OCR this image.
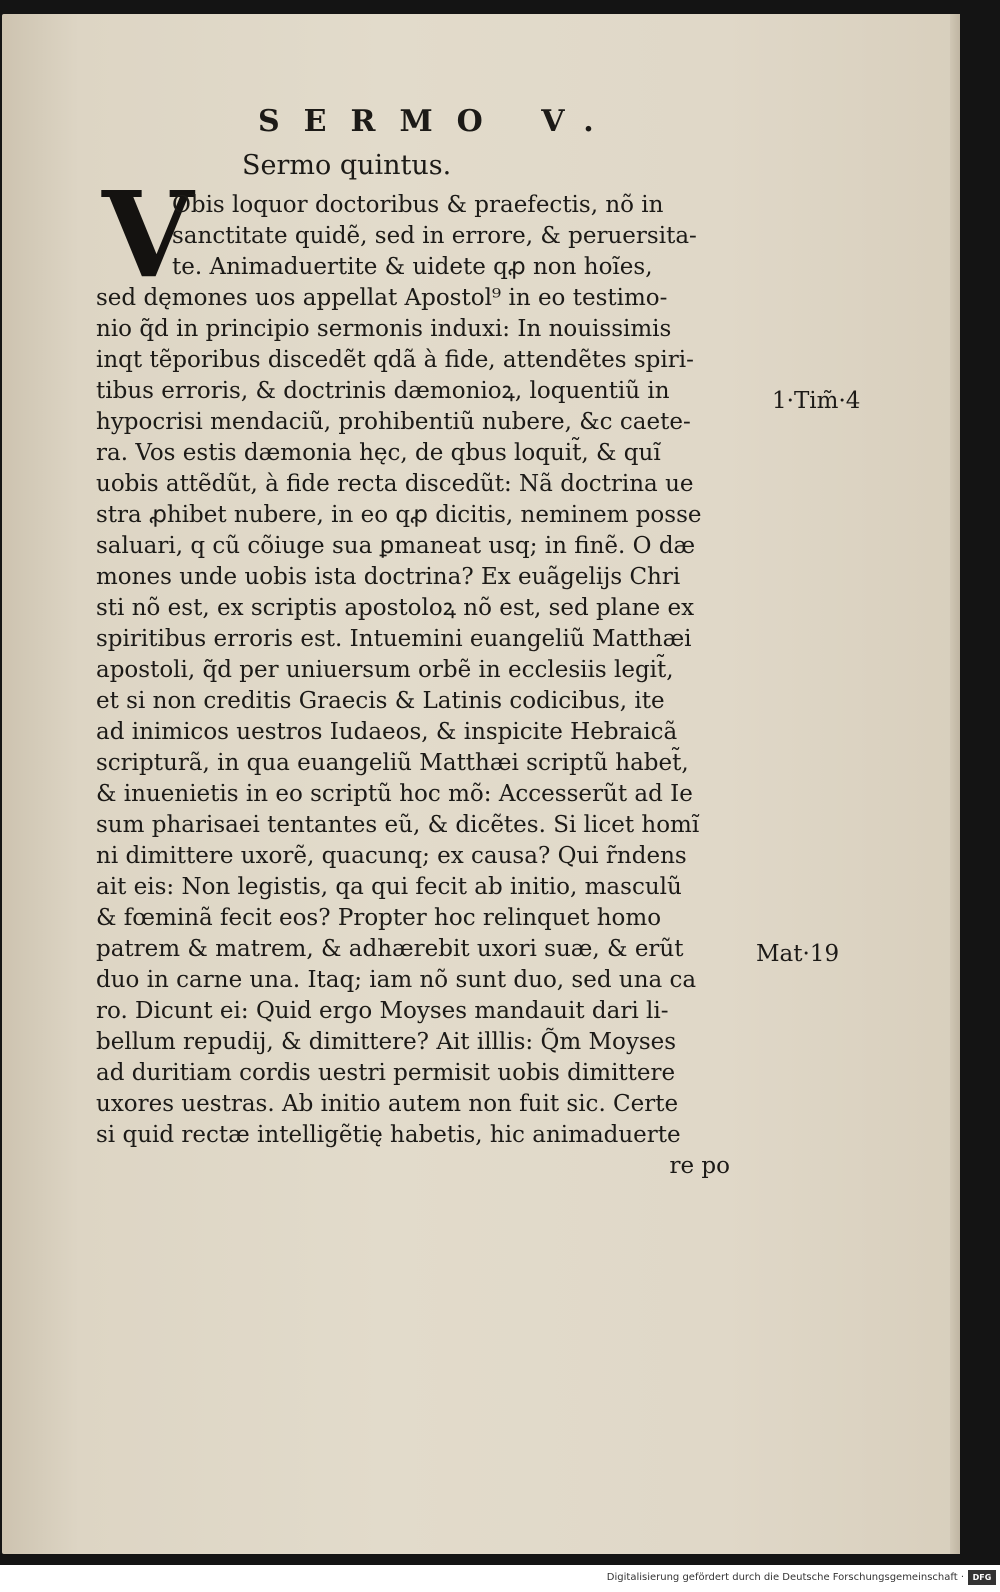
SERMO V.
Sermo quintus.
V
Obis loquor doctoribus & praefectis, nõ in
sanctitate quidẽ, sed in errore, & peruersita-
te. Animaduertite & uidete qꝓ non hoĩes,
sed dęmones uos appellat Apostol⁹ in eo testimo-
nio q̃d in principio sermonis induxi: In nouissimis
inqt tẽporibus discedẽt qdã à fide, attendẽtes spiri-
tibus erroris, & doctrinis dæmonioꝝ, loquentiũ in
hypocrisi mendaciũ, prohibentiũ nubere, &c caete-
ra. Vos estis dæmonia hęc, de qbus loquit̃, & quĩ
uobis attẽdũt, à fide recta discedũt: Nã doctrina ue
stra ꝓhibet nubere, in eo qꝓ dicitis, neminem posse
saluari, q cũ cõiuge sua ꝑmaneat usq; in finẽ. O dæ
mones unde uobis ista doctrina? Ex euãgeliјs Chri
sti nõ est, ex scriptis apostoloꝝ nõ est, sed plane ex
spiritibus erroris est. Intuemini euangeliũ Matthæi
apostoli, q̃d per uniuersum orbẽ in ecclesiis legit̃,
et si non creditis Graecis & Latinis codicibus, ite
ad inimicos uestros Iudaeos, & inspicite Hebraicã
scripturã, in qua euangeliũ Matthæi scriptũ habet̃,
& inuenietis in eo scriptũ hoc mõ: Accesserũt ad Ie
sum pharisaei tentantes eũ, & dicẽtes. Si licet homĩ
ni dimittere uxorẽ, quacunq; ex causa? Qui r̃ndens
ait eis: Non legistis, qa qui fecit ab initio, masculũ
& fœminã fecit eos? Propter hoc relinquet homo
patrem & matrem, & adhærebit uxori suæ, & erũt
duo in carne una. Itaq; iam nõ sunt duo, sed una ca
ro. Dicunt ei: Quid ergo Moyses mandauit dari li-
bellum repudij, & dimittere? Ait illlis: Q̃m Moyses
ad duritiam cordis uestri permisit uobis dimittere
uxores uestras. Ab initio autem non fuit sic. Certe
si quid rectæ intelligẽtię habetis, hic animaduerte
re po
1·Tim̃·4
Mat·19
Digitalisierung gefördert durch die Deutsche Forschungsgemeinschaft ·	DFG
